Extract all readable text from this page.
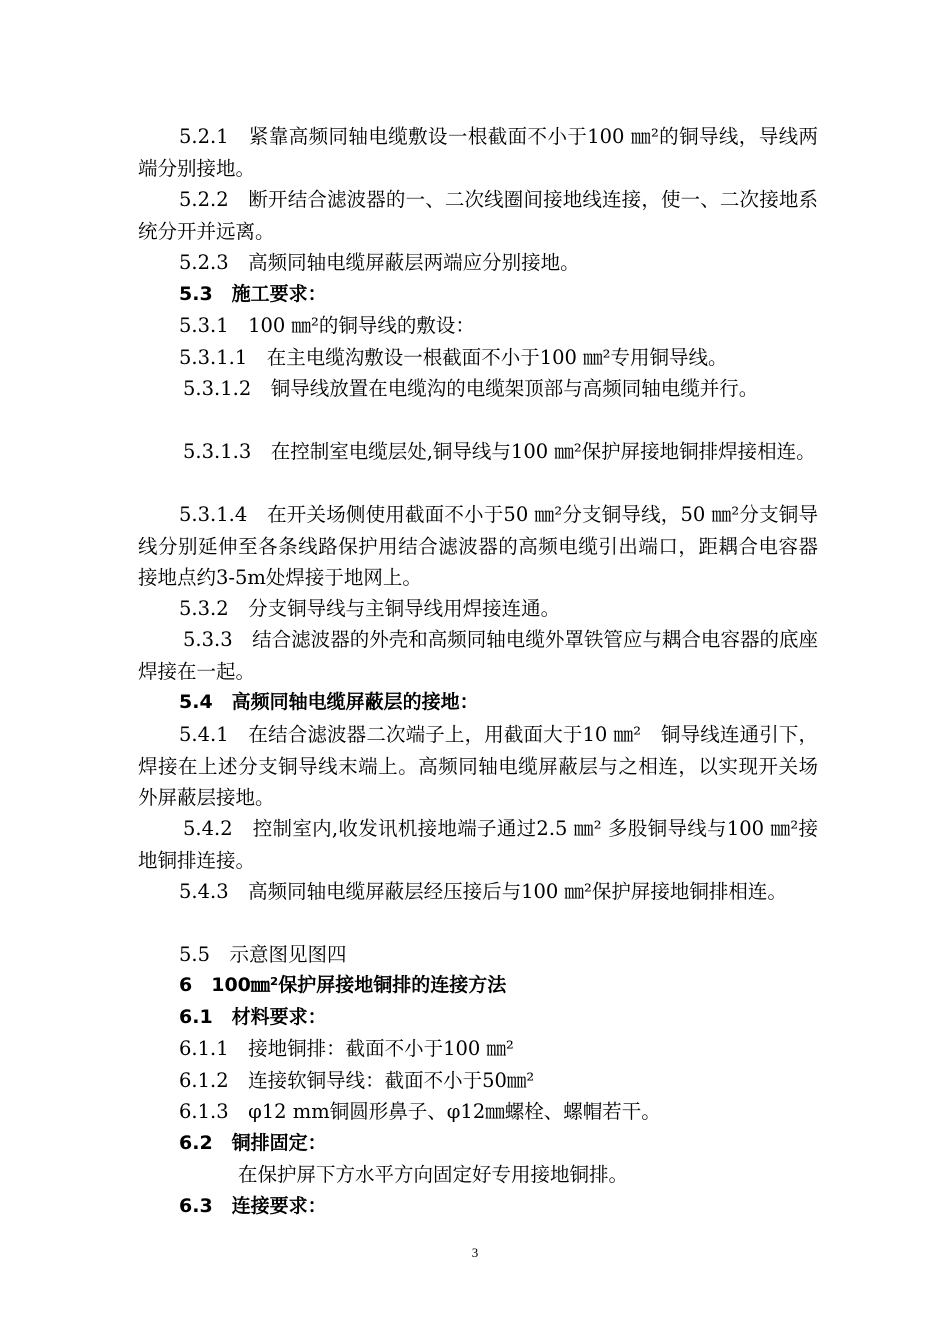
5.2.1　紧靠高频同轴电缆敷设一根截面不小于100 ㎜²的铜导线，导线两端分别接地。
5.2.2　断开结合滤波器的一、二次线圈间接地线连接，使一、二次接地系统分开并远离。
5.2.3　高频同轴电缆屏蔽层两端应分别接地。
5.3　施工要求：
5.3.1　100 ㎜²的铜导线的敷设：
5.3.1.1　在主电缆沟敷设一根截面不小于100 ㎜²专用铜导线。
5.3.1.2　铜导线放置在电缆沟的电缆架顶部与高频同轴电缆并行。
5.3.1.3　在控制室电缆层处,铜导线与100 ㎜²保护屏接地铜排焊接相连。
5.3.1.4　在开关场侧使用截面不小于50 ㎜²分支铜导线，50 ㎜²分支铜导线分别延伸至各条线路保护用结合滤波器的高频电缆引出端口，距耦合电容器接地点约3-5m处焊接于地网上。
5.3.2　分支铜导线与主铜导线用焊接连通。
5.3.3　结合滤波器的外壳和高频同轴电缆外罩铁管应与耦合电容器的底座焊接在一起。
5.4　高频同轴电缆屏蔽层的接地：
5.4.1　在结合滤波器二次端子上，用截面大于10 ㎜²　铜导线连通引下，焊接在上述分支铜导线末端上。高频同轴电缆屏蔽层与之相连，以实现开关场外屏蔽层接地。
5.4.2　控制室内,收发讯机接地端子通过2.5 ㎜² 多股铜导线与100 ㎜²接地铜排连接。
5.4.3　高频同轴电缆屏蔽层经压接后与100 ㎜²保护屏接地铜排相连。
5.5　示意图见图四
6　100㎜²保护屏接地铜排的连接方法
6.1　材料要求：
6.1.1　接地铜排：截面不小于100 ㎜²
6.1.2　连接软铜导线：截面不小于50㎜²
6.1.3　φ12 mm铜圆形鼻子、φ12㎜螺栓、螺帽若干。
6.2　铜排固定：
在保护屏下方水平方向固定好专用接地铜排。
6.3　连接要求：
3
